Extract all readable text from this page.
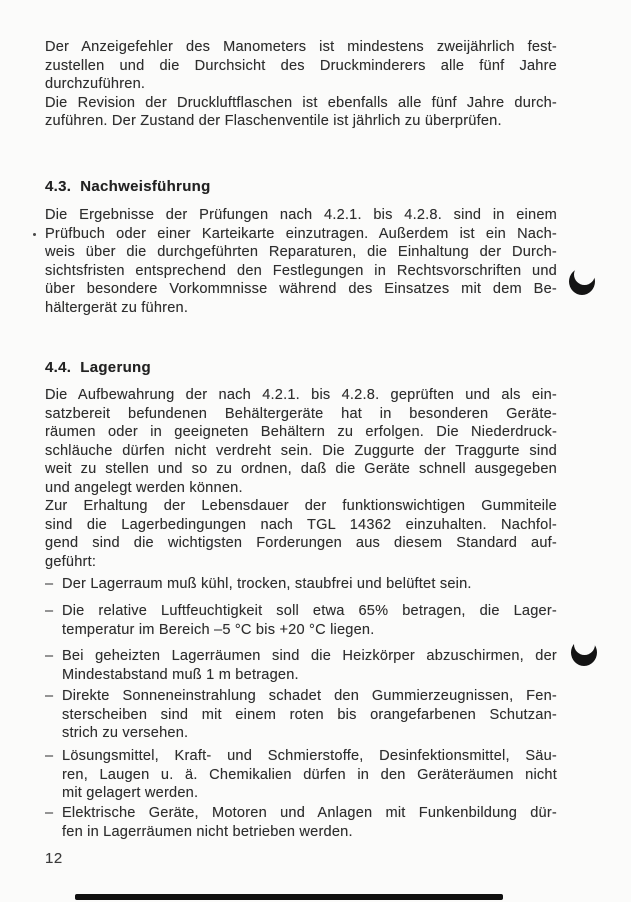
Der Anzeigefehler des Manometers ist mindestens zweijährlich fest-
zustellen und die Durchsicht des Druckminderers alle fünf Jahre
durchzuführen.
Die Revision der Druckluftflaschen ist ebenfalls alle fünf Jahre durch-
zuführen. Der Zustand der Flaschenventile ist jährlich zu überprüfen.
4.3. Nachweisführung
Die Ergebnisse der Prüfungen nach 4.2.1. bis 4.2.8. sind in einem
Prüfbuch oder einer Karteikarte einzutragen. Außerdem ist ein Nach-
weis über die durchgeführten Reparaturen, die Einhaltung der Durch-
sichtsfristen entsprechend den Festlegungen in Rechtsvorschriften und
über besondere Vorkommnisse während des Einsatzes mit dem Be-
hältergerät zu führen.
4.4. Lagerung
Die Aufbewahrung der nach 4.2.1. bis 4.2.8. geprüften und als ein-
satzbereit befundenen Behältergeräte hat in besonderen Geräte-
räumen oder in geeigneten Behältern zu erfolgen. Die Niederdruck-
schläuche dürfen nicht verdreht sein. Die Zuggurte der Traggurte sind
weit zu stellen und so zu ordnen, daß die Geräte schnell ausgegeben
und angelegt werden können.
Zur Erhaltung der Lebensdauer der funktionswichtigen Gummiteile
sind die Lagerbedingungen nach TGL 14362 einzuhalten. Nachfol-
gend sind die wichtigsten Forderungen aus diesem Standard auf-
geführt:
– Der Lagerraum muß kühl, trocken, staubfrei und belüftet sein.
– Die relative Luftfeuchtigkeit soll etwa 65% betragen, die Lager-
temperatur im Bereich –5 °C bis +20 °C liegen.
– Bei geheizten Lagerräumen sind die Heizkörper abzuschirmen, der
Mindestabstand muß 1 m betragen.
– Direkte Sonneneinstrahlung schadet den Gummierzeugnissen, Fen-
sterscheiben sind mit einem roten bis orangefarbenen Schutzan-
strich zu versehen.
– Lösungsmittel, Kraft- und Schmierstoffe, Desinfektionsmittel, Säu-
ren, Laugen u. ä. Chemikalien dürfen in den Geräteräumen nicht
mit gelagert werden.
– Elektrische Geräte, Motoren und Anlagen mit Funkenbildung dür-
fen in Lagerräumen nicht betrieben werden.
12
